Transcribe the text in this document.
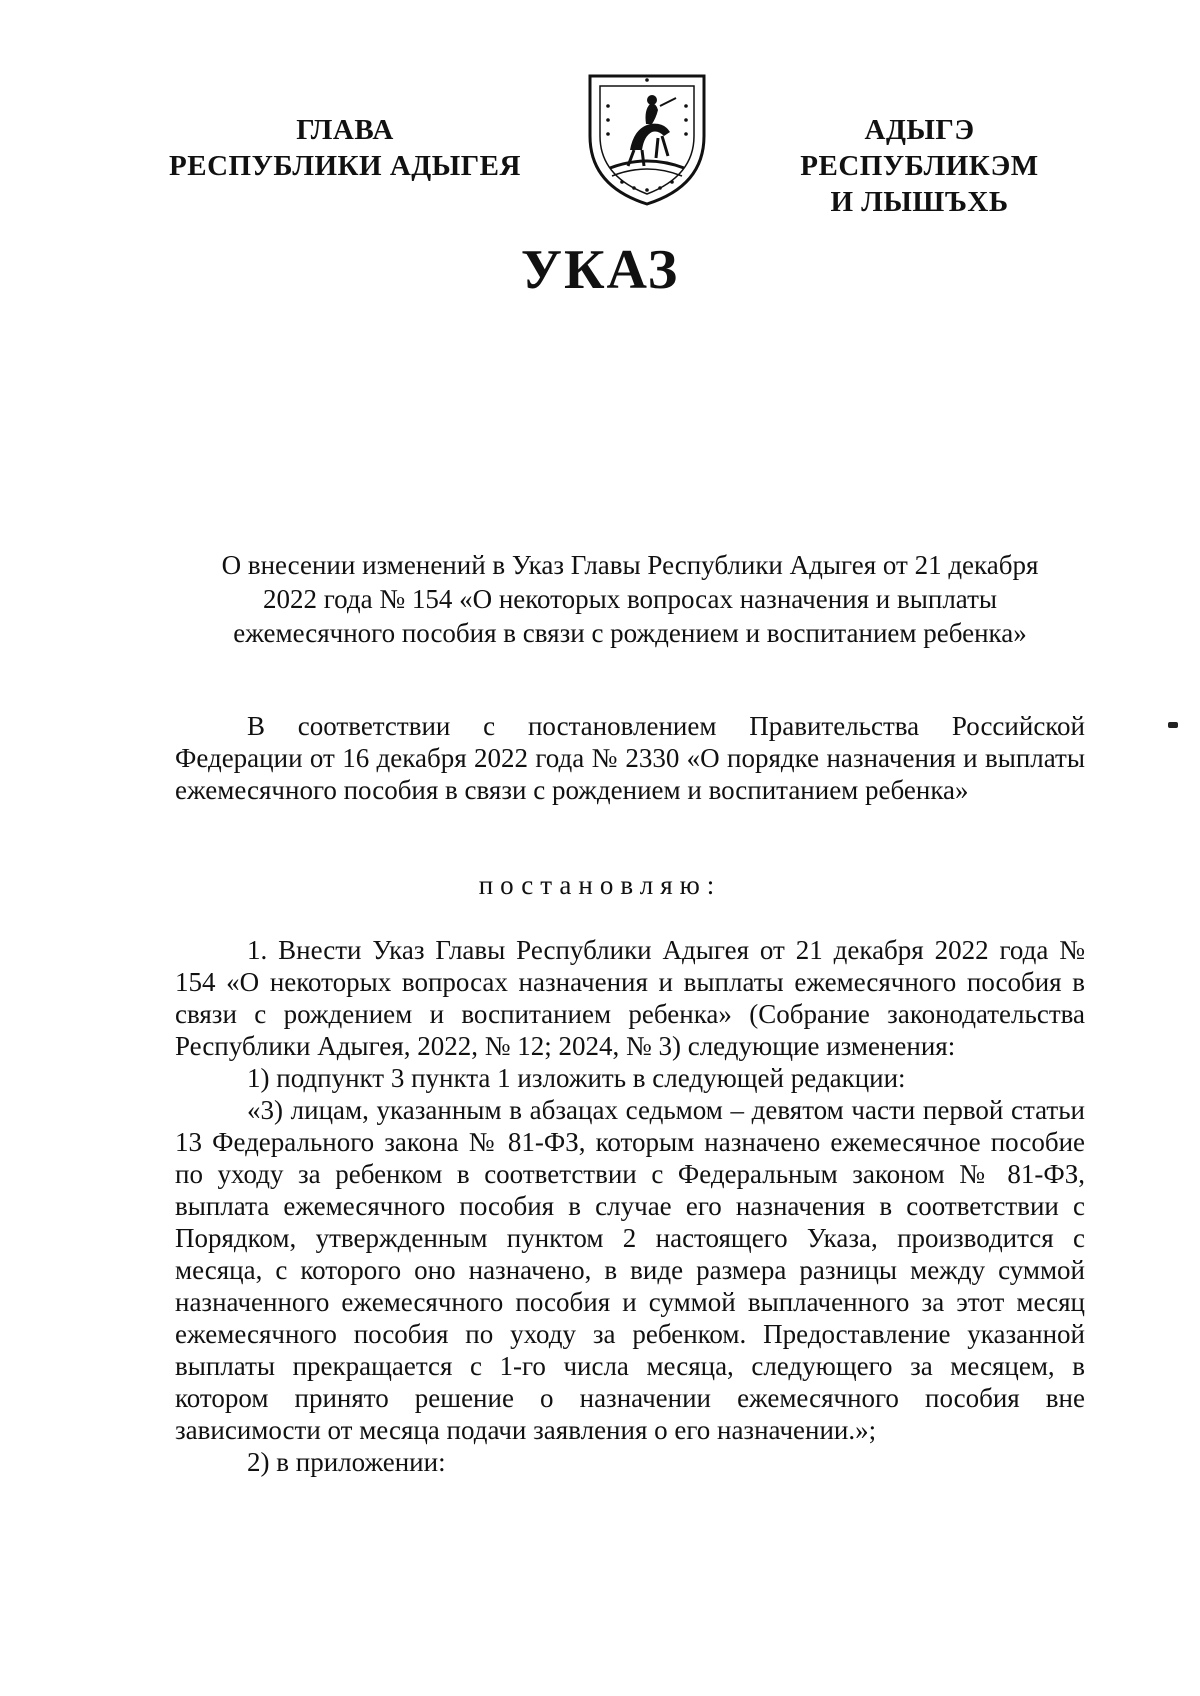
ГЛАВА
РЕСПУБЛИКИ АДЫГЕЯ
АДЫГЭ РЕСПУБЛИКЭМ
И ЛЫШЪХЬ
УКАЗ
О внесении изменений в Указ Главы Республики Адыгея от 21 декабря
2022 года № 154 «О некоторых вопросах назначения и выплаты
ежемесячного пособия в связи с рождением и воспитанием ребенка»
В соответствии с постановлением Правительства Российской Федерации от 16 декабря 2022 года № 2330 «О порядке назначения и выплаты ежемесячного пособия в связи с рождением и воспитанием ребенка»
постановляю:

1. Внести Указ Главы Республики Адыгея от 21 декабря 2022 года № 154 «О некоторых вопросах назначения и выплаты ежемесячного пособия в связи с рождением и воспитанием ребенка» (Собрание законодательства Республики Адыгея, 2022, № 12; 2024, № 3) следующие изменения:

1) подпункт 3 пункта 1 изложить в следующей редакции:

«3) лицам, указанным в абзацах седьмом – девятом части первой статьи 13 Федерального закона № 81-ФЗ, которым назначено ежемесячное пособие по уходу за ребенком в соответствии с Федеральным законом № 81-ФЗ, выплата ежемесячного пособия в случае его назначения в соответствии с Порядком, утвержденным пунктом 2 настоящего Указа, производится с месяца, с которого оно назначено, в виде размера разницы между суммой назначенного ежемесячного пособия и суммой выплаченного за этот месяц ежемесячного пособия по уходу за ребенком. Предоставление указанной выплаты прекращается с 1-го числа месяца, следующего за месяцем, в котором принято решение о назначении ежемесячного пособия вне зависимости от месяца подачи заявления о его назначении.»;

2) в приложении:
